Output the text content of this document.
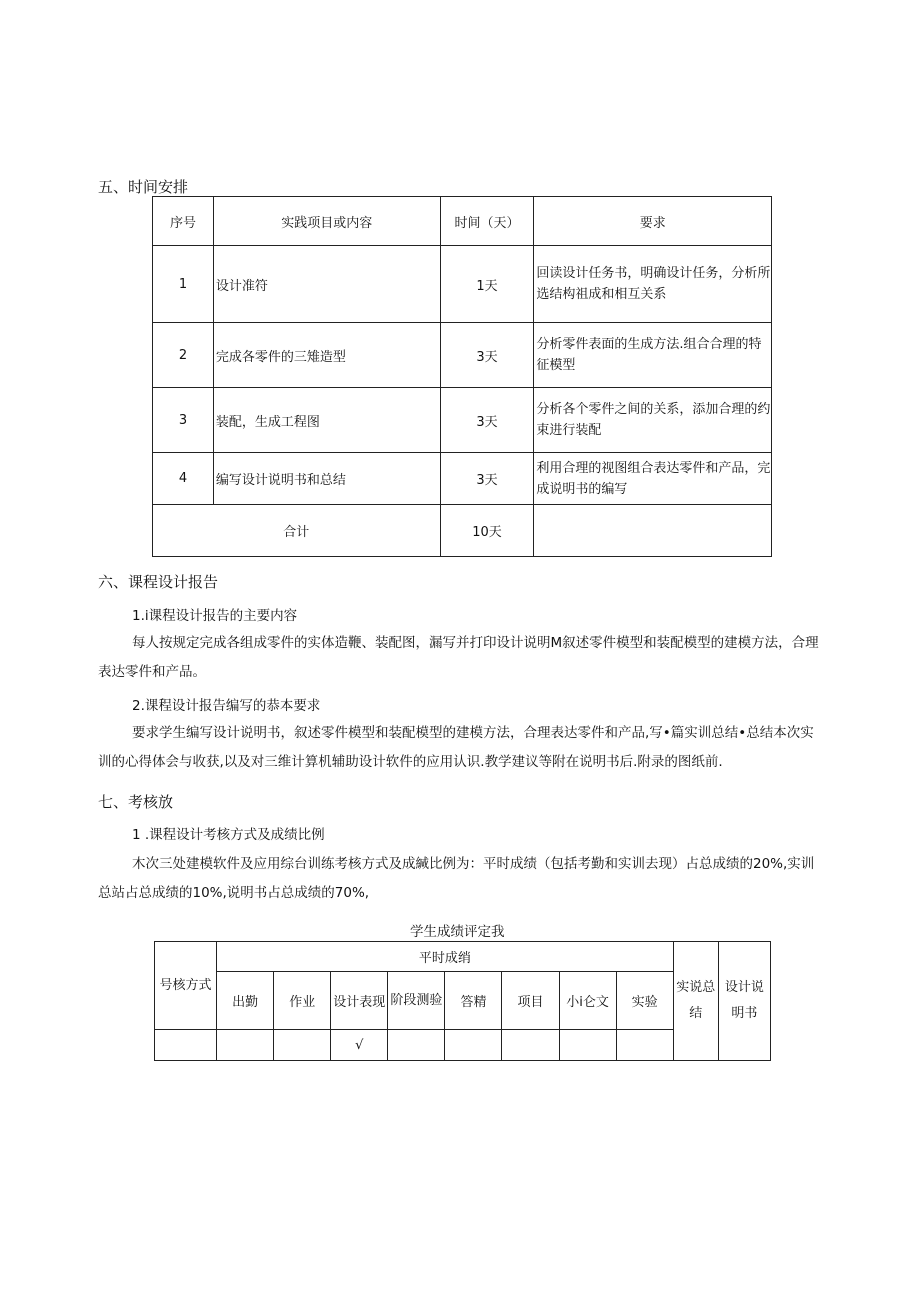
五、时间安排
序号	实践项目或内容	时间（天）	要求
1	设计准符	1天	回读设计任务书，明确设计任务，分析所选结构祖成和相互关系
2	完成各零件的三雉造型	3天	分析零件表面的生成方法.组合合理的特征模型
3	装配，生成工程图	3天	分析各个零件之间的关系，添加合理的约束进行装配
4	编写设计说明书和总结	3天	利用合理的视图组合表达零件和产品，完成说明书的编写
合计		10天	
六、课程设计报告
1.i课程设计报告的主要内容
每人按规定完成各组成零件的实体造鞭、装配图，漏写并打印设计说明M叙述零件模型和装配模型的建模方法，合理表达零件和产品。
2.课程设计报告编写的恭本要求
要求学生编写设计说明书，叙述零件模型和装配模型的建模方法，合理表达零件和产品,写•篇实训总结•总结本次实训的心得体会与收获,以及对三维计算机辅助设计软件的应用认识.教学建议等附在说明书后.附录的图纸前.
七、考核放
1 .课程设计考核方式及成绩比例
木次三处建模软件及应用综台训练考核方式及成緘比例为：平时成绩（包括考勤和实训去现）占总成绩的20%,实训总站占总成绩的10%,说明书占总成绩的70%,
学生成绩评定我
号核方式	平时成绡								实说总结	设计说明书
	出勤	作业	设计表现	阶段测验	答精	项目	小i仑文	实验		
			√							
